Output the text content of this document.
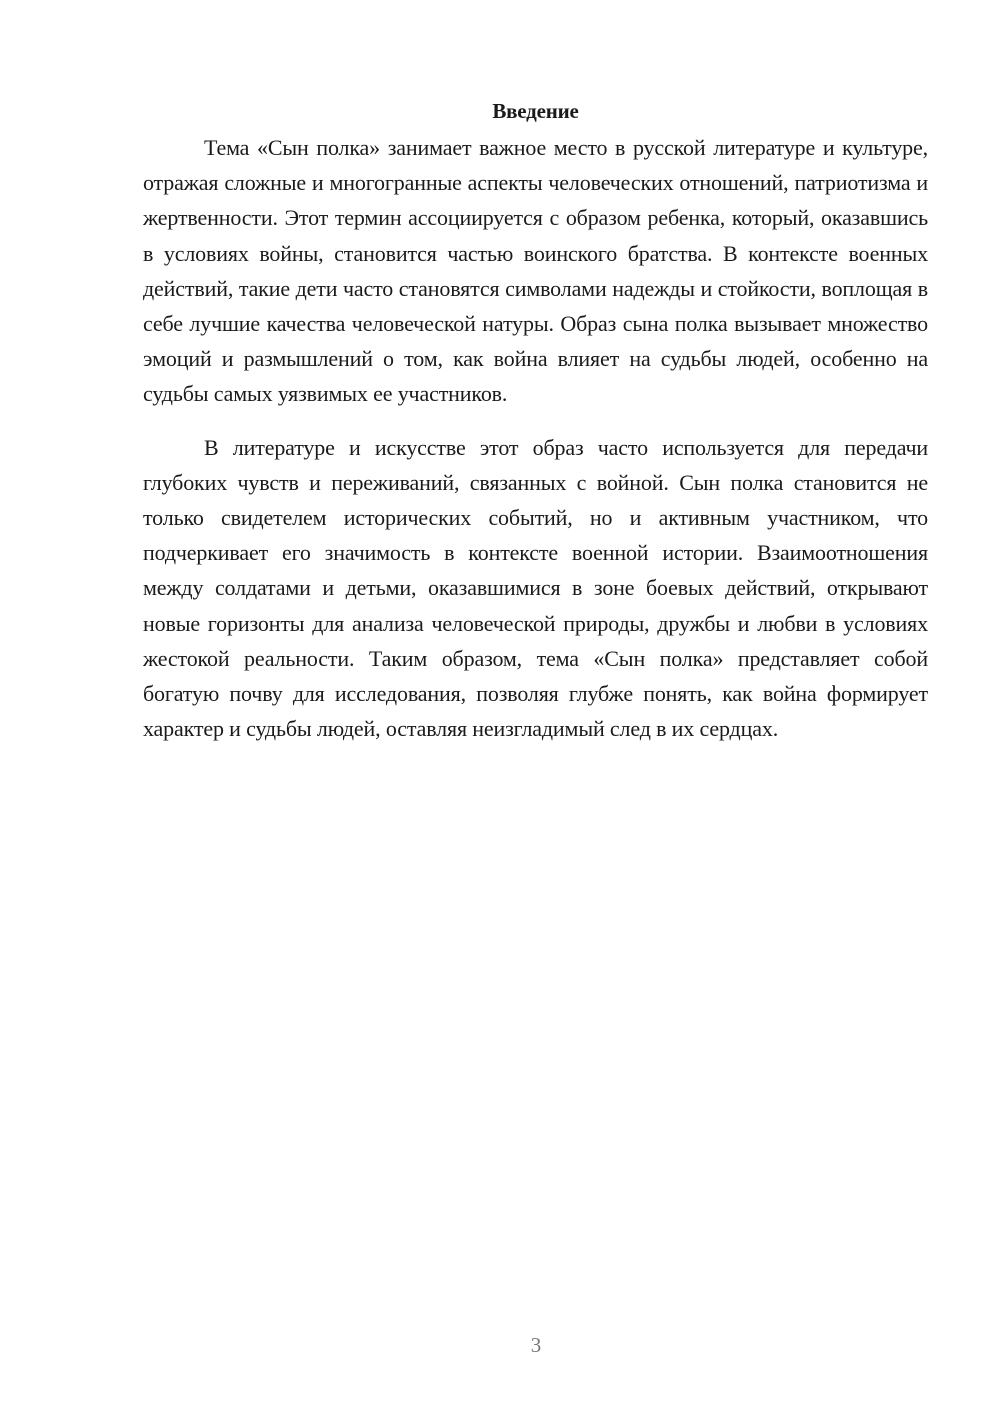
Введение

Тема «Сын полка» занимает важное место в русской литературе и культуре, отражая сложные и многогранные аспекты человеческих отношений, патриотизма и жертвенности. Этот термин ассоциируется с образом ребенка, который, оказавшись в условиях войны, становится частью воинского братства. В контексте военных действий, такие дети часто становятся символами надежды и стойкости, воплощая в себе лучшие качества человеческой натуры. Образ сына полка вызывает множество эмоций и размышлений о том, как война влияет на судьбы людей, особенно на судьбы самых уязвимых ее участников.

В литературе и искусстве этот образ часто используется для передачи глубоких чувств и переживаний, связанных с войной. Сын полка становится не только свидетелем исторических событий, но и активным участником, что подчеркивает его значимость в контексте военной истории. Взаимоотношения между солдатами и детьми, оказавшимися в зоне боевых действий, открывают новые горизонты для анализа человеческой природы, дружбы и любви в условиях жестокой реальности. Таким образом, тема «Сын полка» представляет собой богатую почву для исследования, позволяя глубже понять, как война формирует характер и судьбы людей, оставляя неизгладимый след в их сердцах.

3
